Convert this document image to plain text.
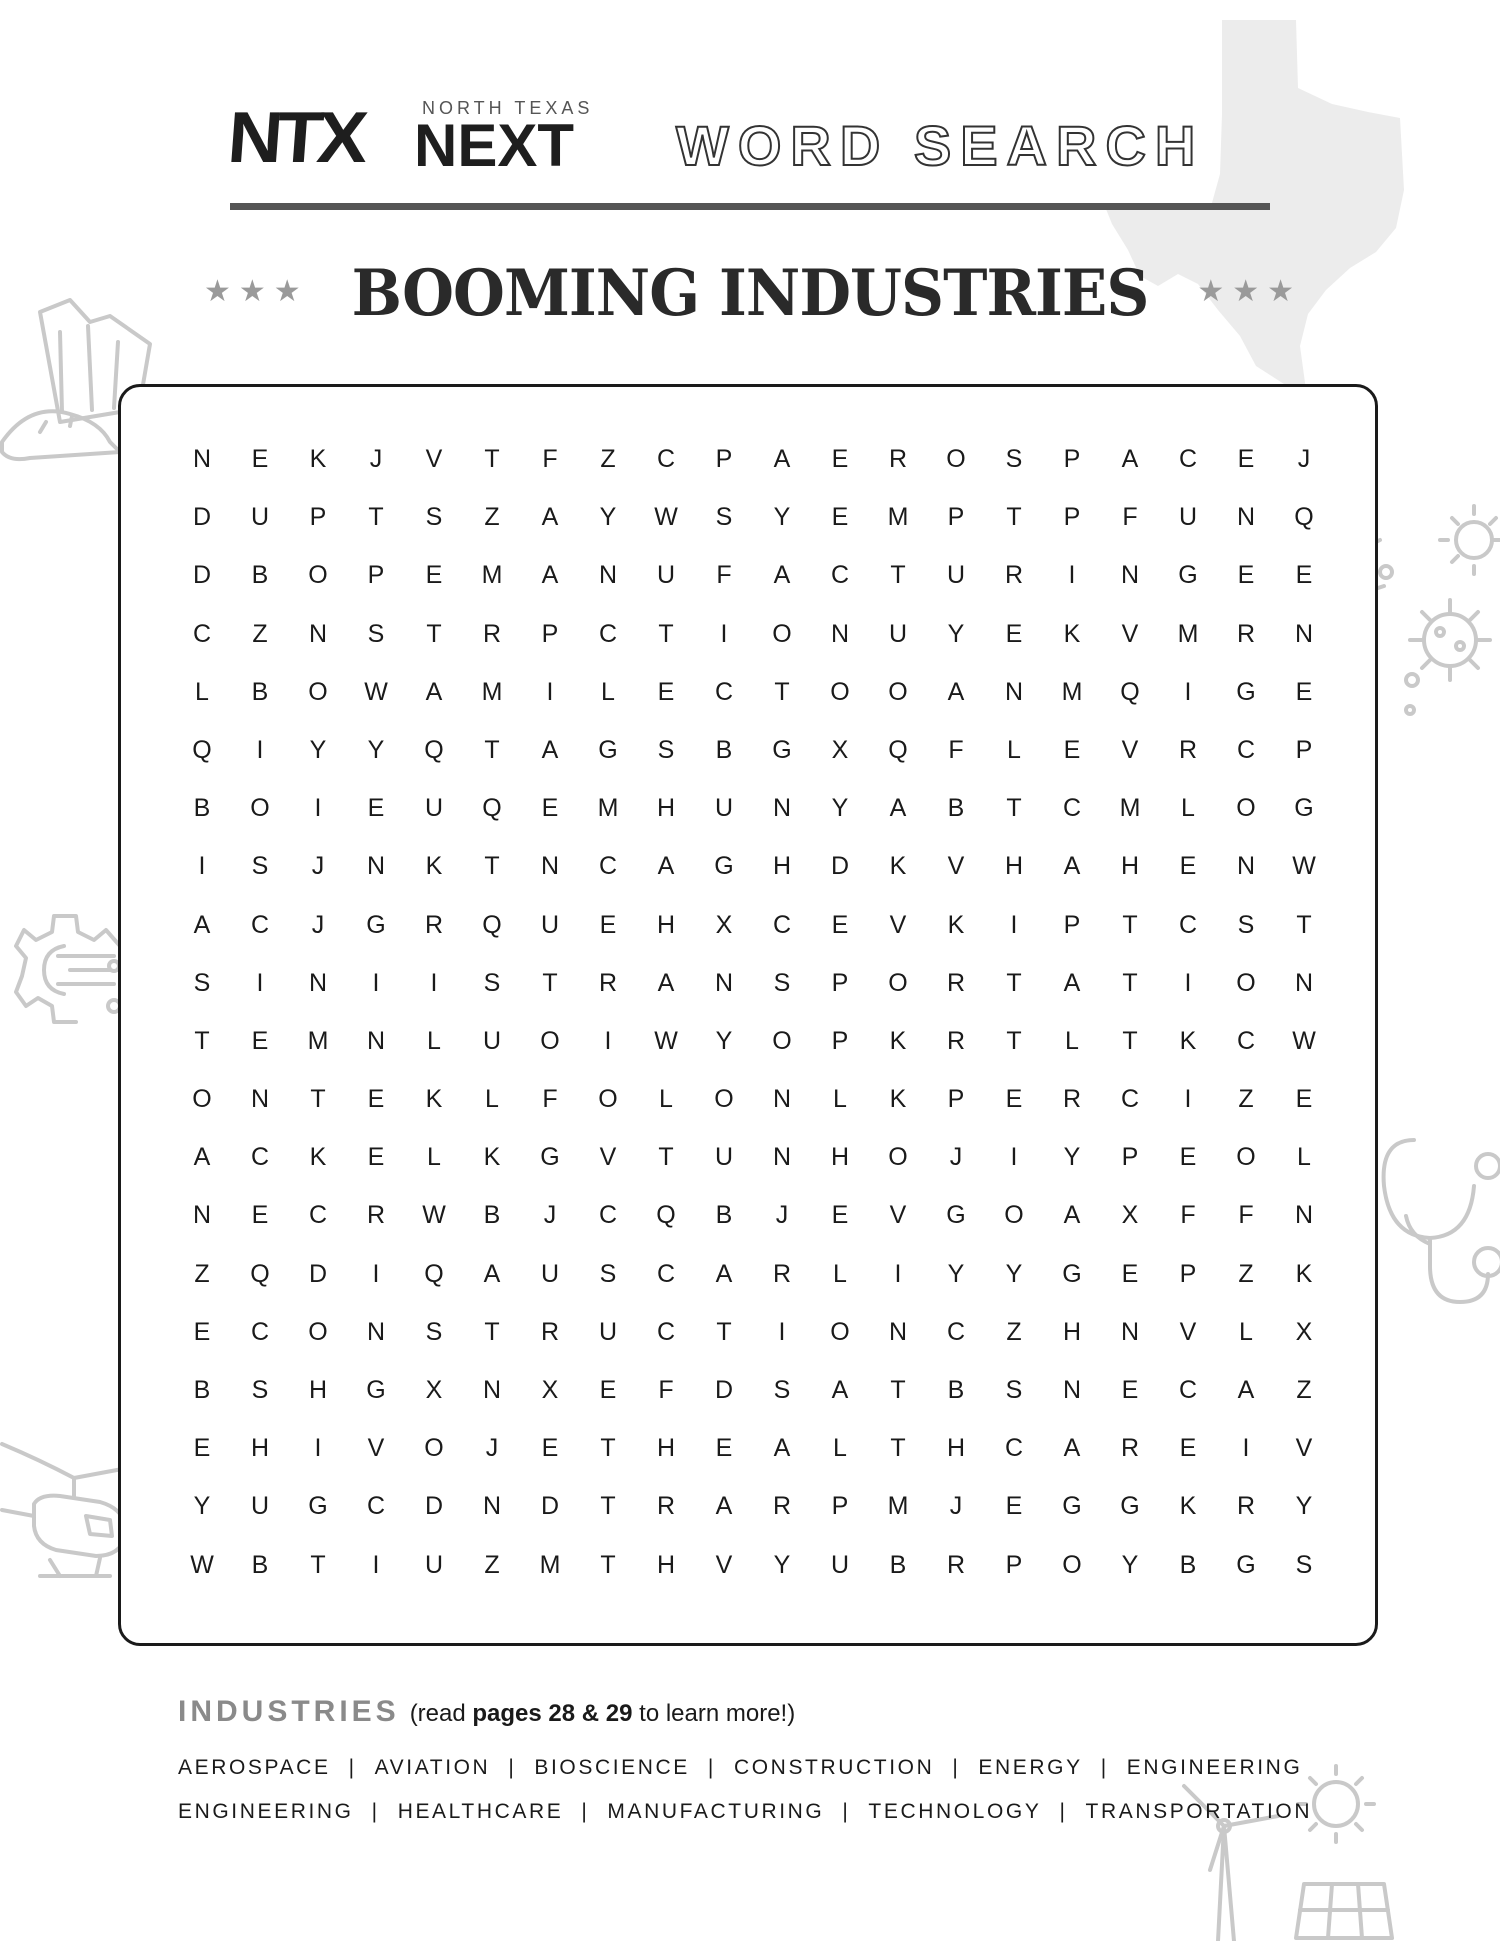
NORTH TEXAS
NTX NEXT WORD SEARCH
★★★ BOOMING INDUSTRIES	★★★
N	E	K	J	V	T	F	Z	C	P	A	E	R	O	S	P	A	C	E	J
D	U	P	T	S	Z	A	Y	W	S	Y	E	M	P	T	P	F	U	N	Q
D	B	O	P	E	M	A	N	U	F	A	C	T	U	R	I	N	G	E	E
C	Z	N	S	T	R	P	C	T	I	O	N	U	Y	E	K	V	M	R	N
L	B	O	W	A	M	I	L	E	C	T	O	O	A	N	M	Q	I	G	E
Q	I	Y	Y	Q	T	A	G	S	B	G	X	Q	F	L	E	V	R	C	P
B	O	I	E	U	Q	E	M	H	U	N	Y	A	B	T	C	M	L	O	G
I	S	J	N	K	T	N	C	A	G	H	D	K	V	H	A	H	E	N	W
A	C	J	G	R	Q	U	E	H	X	C	E	V	K	I	P	T	C	S	T
S	I	N	I	I	S	T	R	A	N	S	P	O	R	T	A	T	I	O	N
T	E	M	N	L	U	O	I	W	Y	O	P	K	R	T	L	T	K	C	W
O	N	T	E	K	L	F	O	L	O	N	L	K	P	E	R	C	I	Z	E
A	C	K	E	L	K	G	V	T	U	N	H	O	J	I	Y	P	E	O	L
N	E	C	R	W	B	J	C	Q	B	J	E	V	G	O	A	X	F	F	N
Z	Q	D	I	Q	A	U	S	C	A	R	L	I	Y	Y	G	E	P	Z	K
E	C	O	N	S	T	R	U	C	T	I	O	N	C	Z	H	N	V	L	X
B	S	H	G	X	N	X	E	F	D	S	A	T	B	S	N	E	C	A	Z
E	H	I	V	O	J	E	T	H	E	A	L	T	H	C	A	R	E	I	V
Y	U	G	C	D	N	D	T	R	A	R	P	M	J	E	G	G	K	R	Y
W	B	T	I	U	Z	M	T	H	V	Y	U	B	R	P	O	Y	B	G	S
INDUSTRIES (read pages 28 & 29 to learn more!)
AEROSPACE | AVIATION | BIOSCIENCE | CONSTRUCTION | ENERGY | ENGINEERING
ENGINEERING | HEALTHCARE | MANUFACTURING | TECHNOLOGY | TRANSPORTATION
